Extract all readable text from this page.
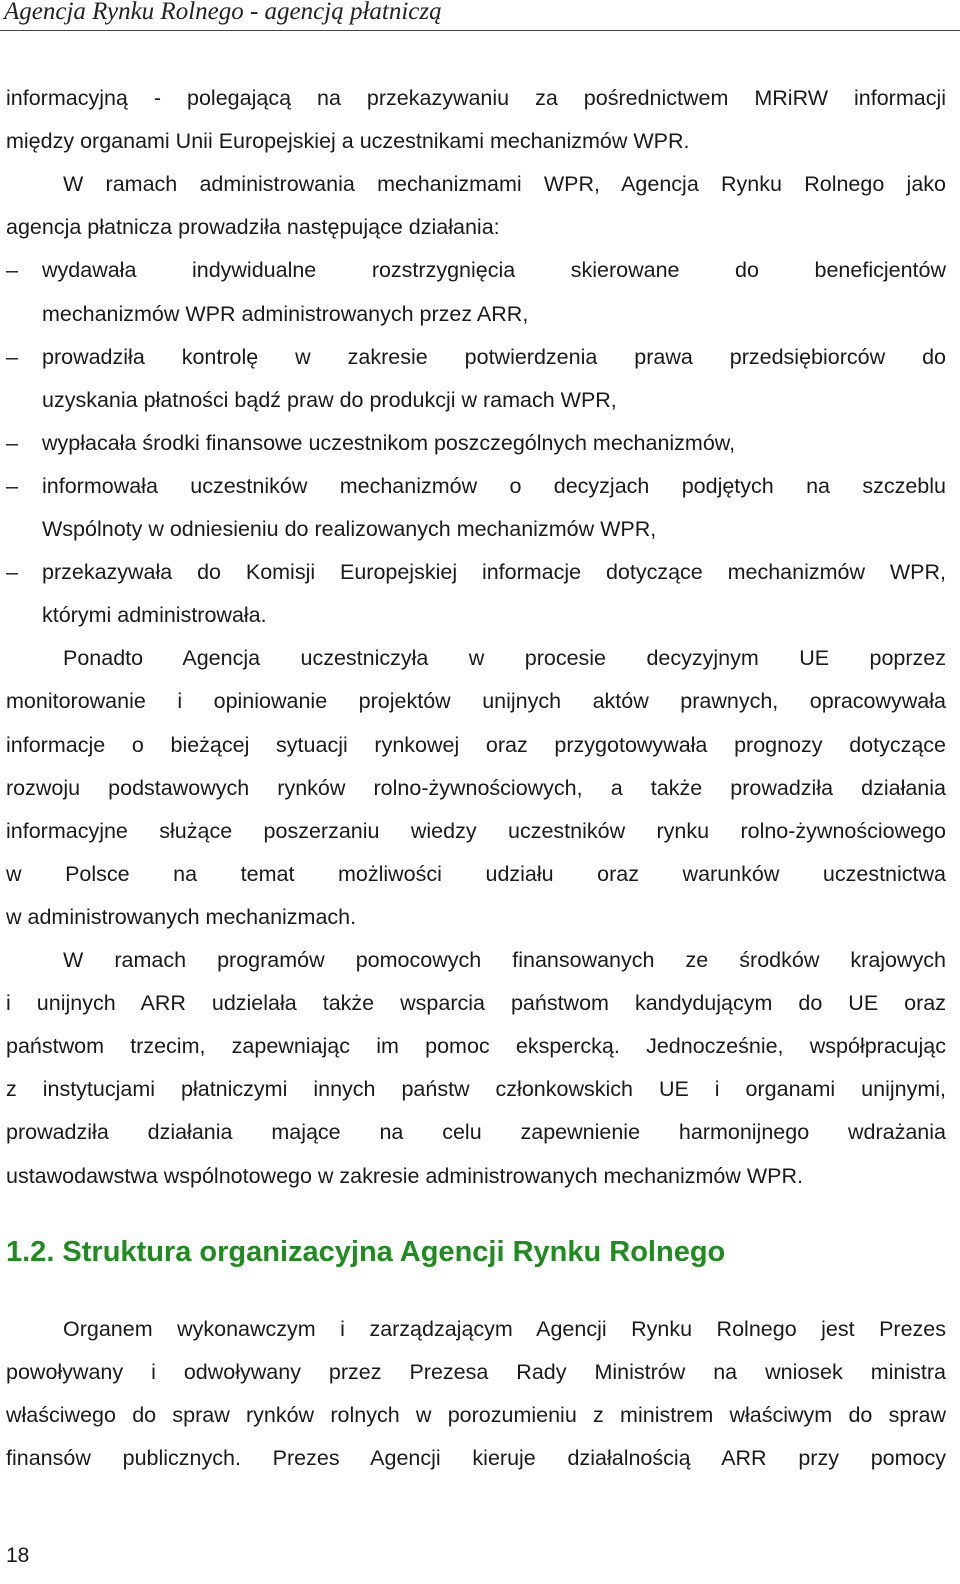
Agencja Rynku Rolnego - agencją płatniczą
informacyjną - polegającą na przekazywaniu za pośrednictwem MRiRW informacji
między organami Unii Europejskiej a uczestnikami mechanizmów WPR.
W ramach administrowania mechanizmami WPR, Agencja Rynku Rolnego jako
agencja płatnicza prowadziła następujące działania:
– wydawała indywidualne rozstrzygnięcia skierowane do beneficjentów
mechanizmów WPR administrowanych przez ARR,
– prowadziła kontrolę w zakresie potwierdzenia prawa przedsiębiorców do
uzyskania płatności bądź praw do produkcji w ramach WPR,
– wypłacała środki finansowe uczestnikom poszczególnych mechanizmów,
– informowała uczestników mechanizmów o decyzjach podjętych na szczeblu
Wspólnoty w odniesieniu do realizowanych mechanizmów WPR,
– przekazywała do Komisji Europejskiej informacje dotyczące mechanizmów WPR,
którymi administrowała.
Ponadto Agencja uczestniczyła w procesie decyzyjnym UE poprzez
monitorowanie i opiniowanie projektów unijnych aktów prawnych, opracowywała
informacje o bieżącej sytuacji rynkowej oraz przygotowywała prognozy dotyczące
rozwoju podstawowych rynków rolno-żywnościowych, a także prowadziła działania
informacyjne służące poszerzaniu wiedzy uczestników rynku rolno-żywnościowego
w Polsce na temat możliwości udziału oraz warunków uczestnictwa
w administrowanych mechanizmach.
W ramach programów pomocowych finansowanych ze środków krajowych
i unijnych ARR udzielała także wsparcia państwom kandydującym do UE oraz
państwom trzecim, zapewniając im pomoc ekspercką. Jednocześnie, współpracując
z instytucjami płatniczymi innych państw członkowskich UE i organami unijnymi,
prowadziła działania mające na celu zapewnienie harmonijnego wdrażania
ustawodawstwa wspólnotowego w zakresie administrowanych mechanizmów WPR.
1.2. Struktura organizacyjna Agencji Rynku Rolnego
Organem wykonawczym i zarządzającym Agencji Rynku Rolnego jest Prezes
powoływany i odwoływany przez Prezesa Rady Ministrów na wniosek ministra
właściwego do spraw rynków rolnych w porozumieniu z ministrem właściwym do spraw
finansów publicznych. Prezes Agencji kieruje działalnością ARR przy pomocy
18
